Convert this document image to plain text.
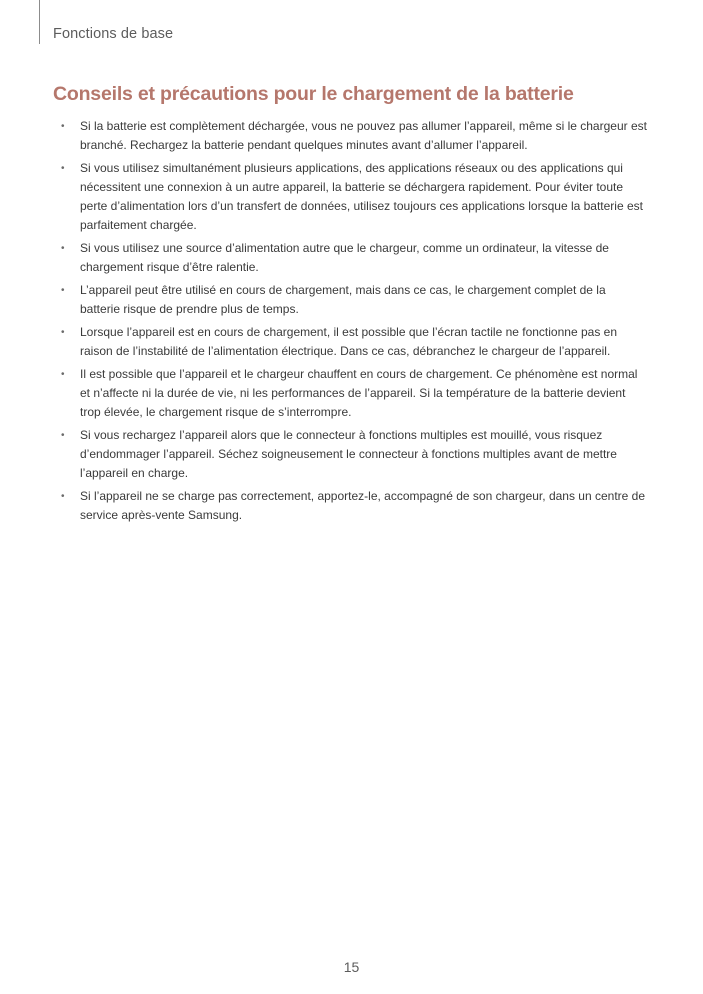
Fonctions de base
Conseils et précautions pour le chargement de la batterie
• Si la batterie est complètement déchargée, vous ne pouvez pas allumer l’appareil, même si le chargeur est branché. Rechargez la batterie pendant quelques minutes avant d’allumer l’appareil.
• Si vous utilisez simultanément plusieurs applications, des applications réseaux ou des applications qui nécessitent une connexion à un autre appareil, la batterie se déchargera rapidement. Pour éviter toute perte d’alimentation lors d’un transfert de données, utilisez toujours ces applications lorsque la batterie est parfaitement chargée.
• Si vous utilisez une source d’alimentation autre que le chargeur, comme un ordinateur, la vitesse de chargement risque d’être ralentie.
• L’appareil peut être utilisé en cours de chargement, mais dans ce cas, le chargement complet de la batterie risque de prendre plus de temps.
• Lorsque l’appareil est en cours de chargement, il est possible que l’écran tactile ne fonctionne pas en raison de l’instabilité de l’alimentation électrique. Dans ce cas, débranchez le chargeur de l’appareil.
• Il est possible que l’appareil et le chargeur chauffent en cours de chargement. Ce phénomène est normal et n’affecte ni la durée de vie, ni les performances de l’appareil. Si la température de la batterie devient trop élevée, le chargement risque de s’interrompre.
• Si vous rechargez l’appareil alors que le connecteur à fonctions multiples est mouillé, vous risquez d’endommager l’appareil. Séchez soigneusement le connecteur à fonctions multiples avant de mettre l’appareil en charge.
• Si l’appareil ne se charge pas correctement, apportez-le, accompagné de son chargeur, dans un centre de service après-vente Samsung.
15
